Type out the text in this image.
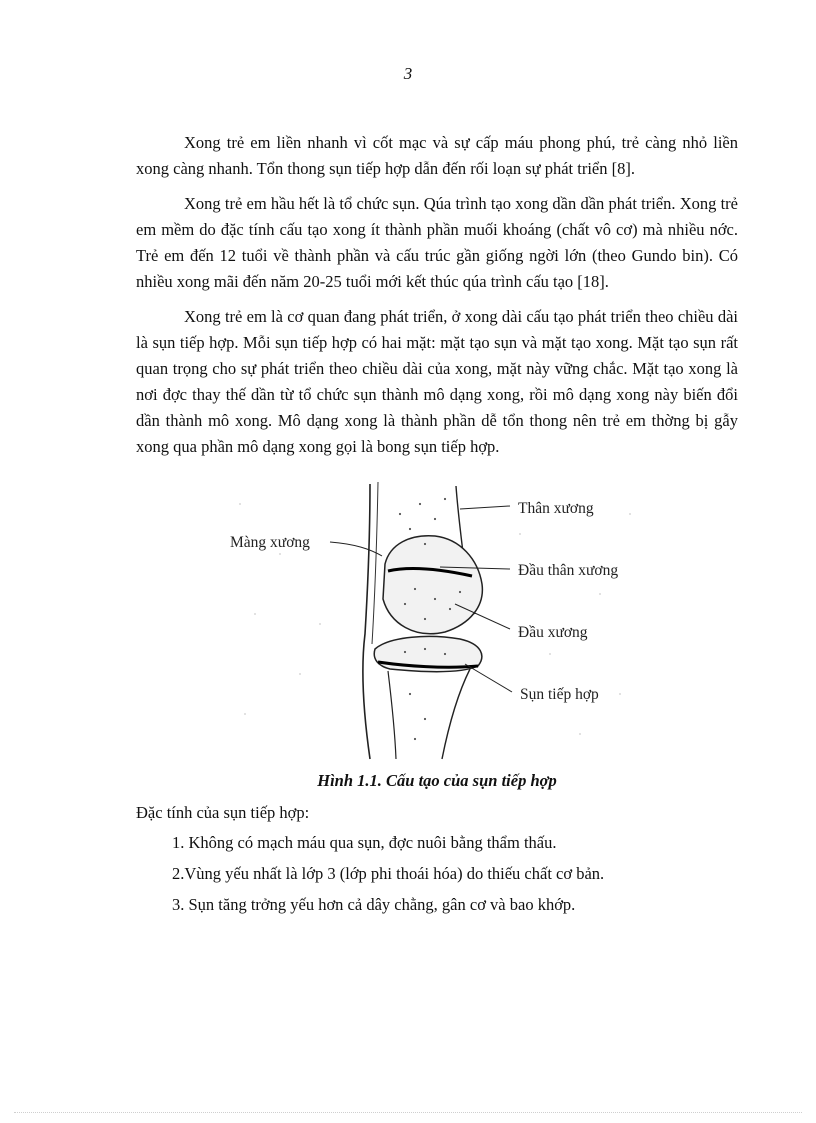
3

Xong trẻ em liền nhanh vì cốt mạc và sự cấp máu phong phú, trẻ càng nhỏ liền xong càng nhanh. Tổn thong sụn tiếp hợp dẫn đến rối loạn sự phát triển [8].

Xong trẻ em hầu hết là tổ chức sụn. Qúa trình tạo xong dần dần phát triển. Xong trẻ em mềm do đặc tính cấu tạo xong ít thành phần muối khoáng (chất vô cơ) mà nhiều nớc. Trẻ em đến 12 tuổi về thành phần và cấu trúc gần giống ngời lớn (theo Gundo bin). Có nhiều xong mãi đến năm 20-25 tuổi mới kết thúc qúa trình cấu tạo [18].

Xong trẻ em là cơ quan đang phát triển, ở xong dài cấu tạo phát triển theo chiều dài là sụn tiếp hợp. Mỗi sụn tiếp hợp có hai mặt: mặt tạo sụn và mặt tạo xong. Mặt tạo sụn rất quan trọng cho sự phát triển theo chiều dài của xong, mặt này vững chắc. Mặt tạo xong là nơi đợc thay thế dần từ tổ chức sụn thành mô dạng xong, rồi mô dạng xong này biến đổi dần thành mô xong. Mô dạng xong là thành phần dễ tổn thong nên trẻ em thờng bị gẫy xong qua phần mô dạng xong gọi là bong sụn tiếp hợp.

Thân xương
Màng xương
Đầu thân xương
Đầu xương
Sụn tiếp hợp
Hình 1.1. Cấu tạo của sụn tiếp hợp

Đặc tính của sụn tiếp hợp:

1. Không có mạch máu qua sụn, đợc nuôi bằng thẩm thấu.
2.Vùng yếu nhất là lớp 3 (lớp phi thoái hóa) do thiếu chất cơ bản.
3. Sụn tăng trởng yếu hơn cả dây chằng, gân cơ và bao khớp.
